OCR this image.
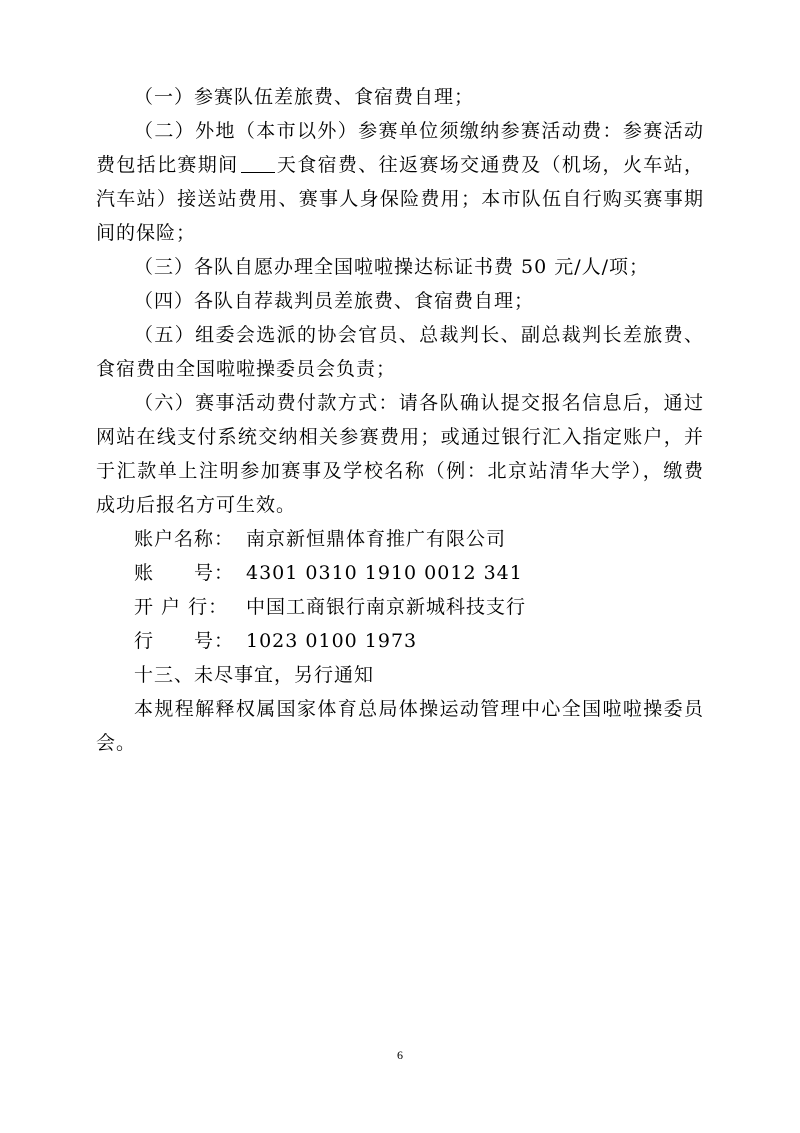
（一）参赛队伍差旅费、食宿费自理；

（二）外地（本市以外）参赛单位须缴纳参赛活动费：参赛活动费包括比赛期间 天食宿费、往返赛场交通费及（机场，火车站，汽车站）接送站费用、赛事人身保险费用；本市队伍自行购买赛事期间的保险；

（三）各队自愿办理全国啦啦操达标证书费 50 元/人/项；

（四）各队自荐裁判员差旅费、食宿费自理；

（五）组委会选派的协会官员、总裁判长、副总裁判长差旅费、食宿费由全国啦啦操委员会负责；

（六）赛事活动费付款方式：请各队确认提交报名信息后，通过网站在线支付系统交纳相关参赛费用；或通过银行汇入指定账户，并于汇款单上注明参加赛事及学校名称（例：北京站清华大学），缴费成功后报名方可生效。

账户名称： 南京新恒鼎体育推广有限公司

账　　号： 4301 0310 1910 0012 341

开 户 行： 中国工商银行南京新城科技支行

行　　号： 1023 0100 1973

十三、未尽事宜，另行通知

本规程解释权属国家体育总局体操运动管理中心全国啦啦操委员会。

6
